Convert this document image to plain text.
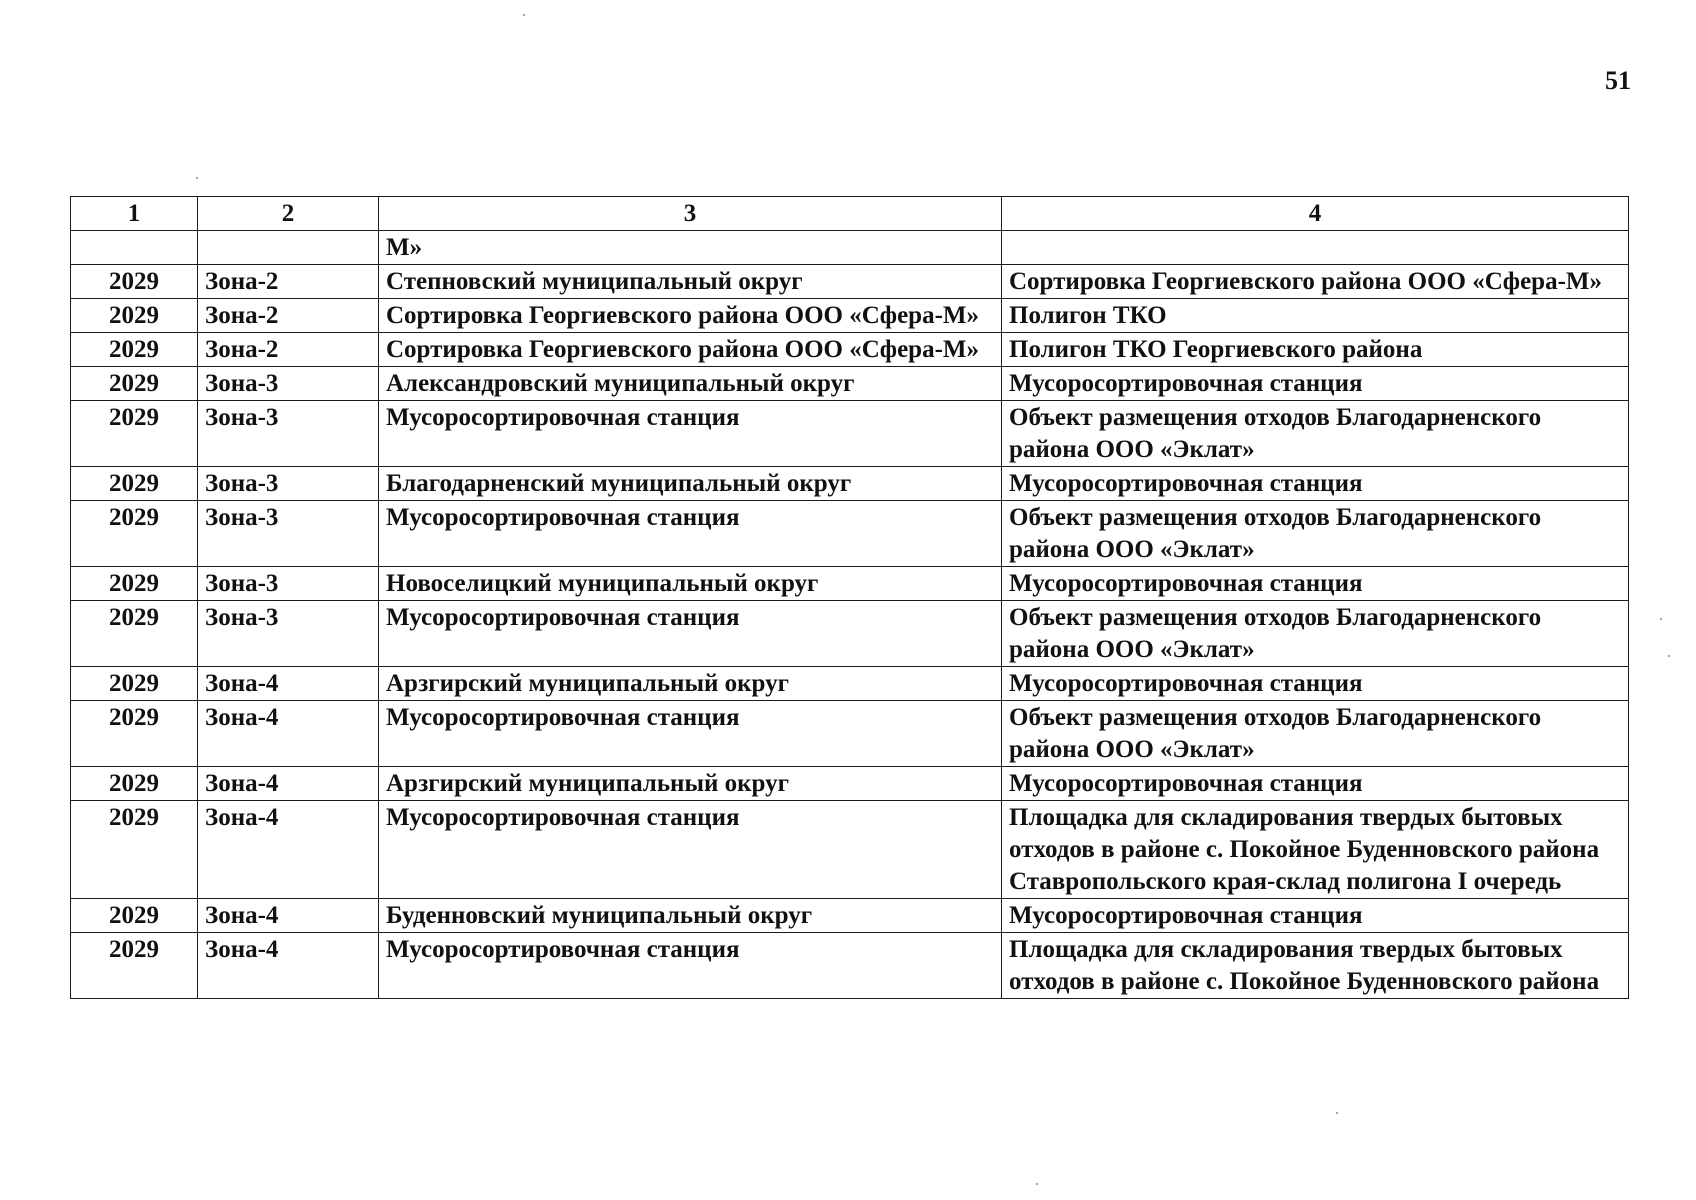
51
1	2	3	4
		М»	
2029	Зона-2	Степновский муниципальный округ	Сортировка Георгиевского района ООО «Сфера-М»
2029	Зона-2	Сортировка Георгиевского района ООО «Сфера-М»	Полигон ТКО
2029	Зона-2	Сортировка Георгиевского района ООО «Сфера-М»	Полигон ТКО Георгиевского района
2029	Зона-3	Александровский муниципальный округ	Мусоросортировочная станция
2029	Зона-3	Мусоросортировочная станция	Объект размещения отходов Благодарненского района ООО «Эклат»
2029	Зона-3	Благодарненский муниципальный округ	Мусоросортировочная станция
2029	Зона-3	Мусоросортировочная станция	Объект размещения отходов Благодарненского района ООО «Эклат»
2029	Зона-3	Новоселицкий муниципальный округ	Мусоросортировочная станция
2029	Зона-3	Мусоросортировочная станция	Объект размещения отходов Благодарненского района ООО «Эклат»
2029	Зона-4	Арзгирский муниципальный округ	Мусоросортировочная станция
2029	Зона-4	Мусоросортировочная станция	Объект размещения отходов Благодарненского района ООО «Эклат»
2029	Зона-4	Арзгирский муниципальный округ	Мусоросортировочная станция
2029	Зона-4	Мусоросортировочная станция	Площадка для складирования твердых бытовых отходов в районе с. Покойное Буденновского района Ставропольского края-склад полигона I очередь
2029	Зона-4	Буденновский муниципальный округ	Мусоросортировочная станция
2029	Зона-4	Мусоросортировочная станция	Площадка для складирования твердых бытовых отходов в районе с. Покойное Буденновского района
